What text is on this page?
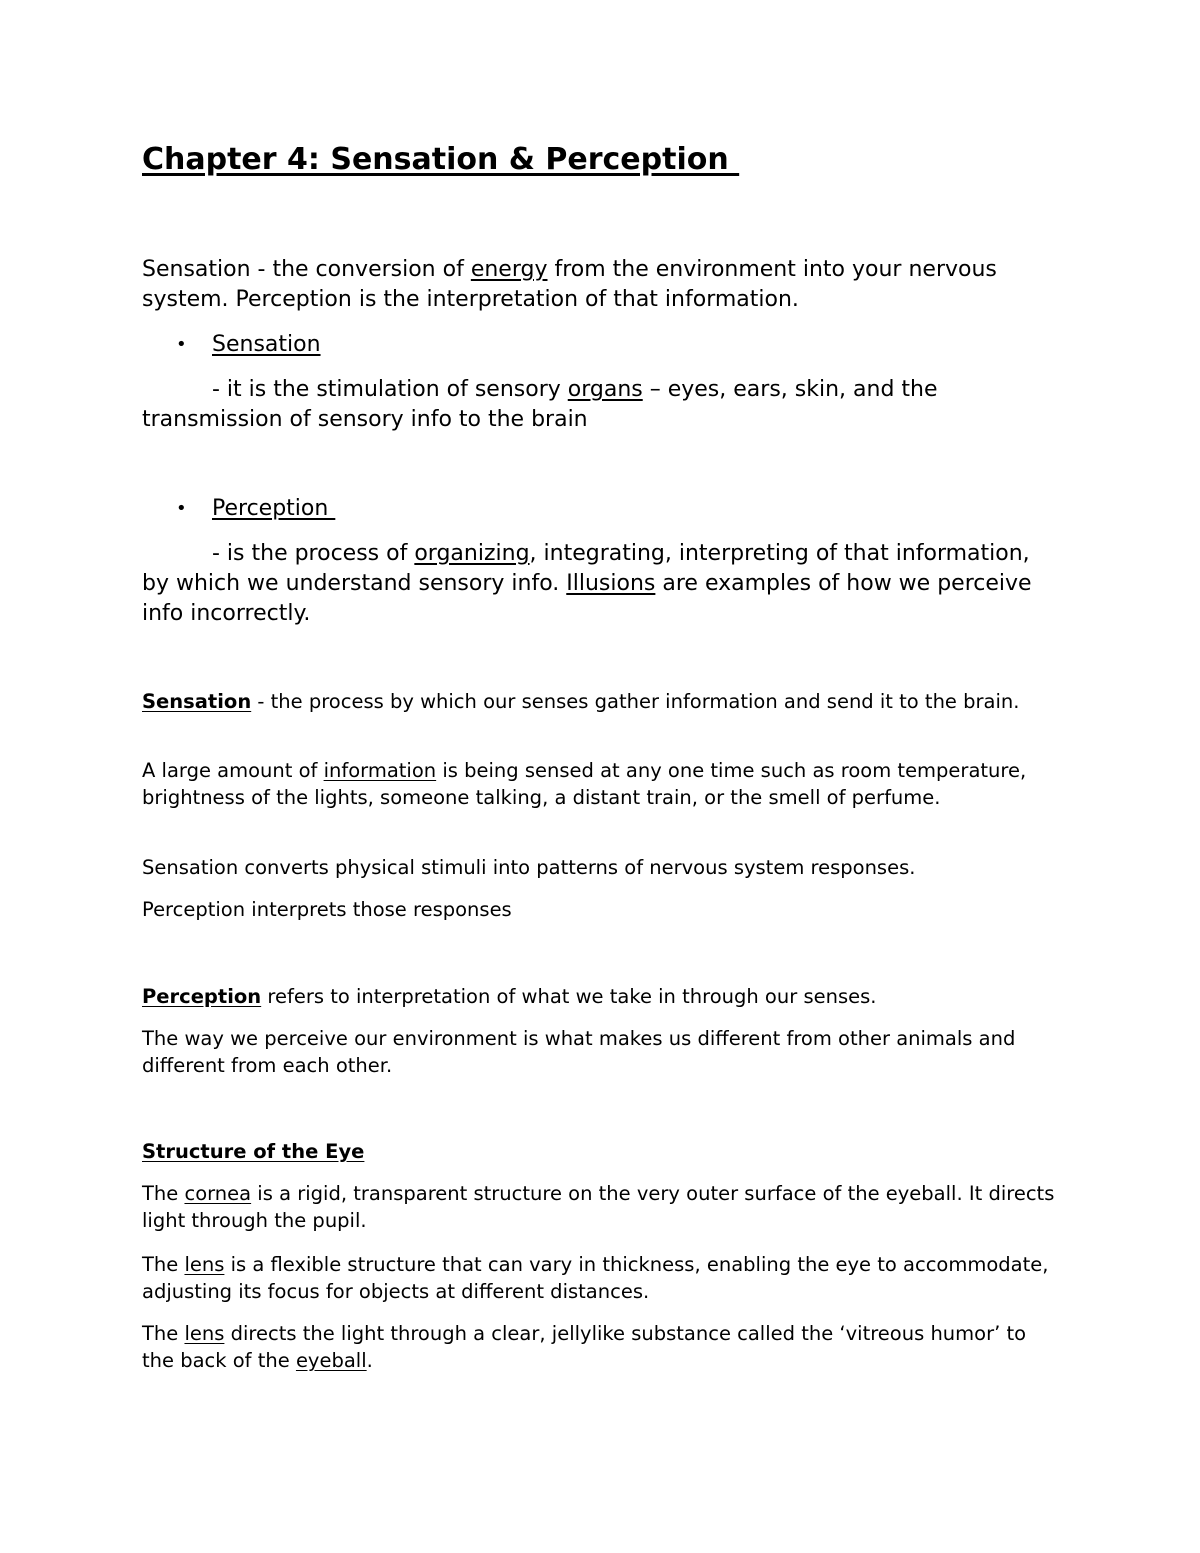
Chapter 4: Sensation & Perception

Sensation - the conversion of energy from the environment into your nervous system. Perception is the interpretation of that information.

•

Sensation

- it is the stimulation of sensory organs – eyes, ears, skin, and the transmission of sensory info to the brain

•

Perception

- is the process of organizing, integrating, interpreting of that information, by which we understand sensory info. Illusions are examples of how we perceive info incorrectly.

Sensation - the process by which our senses gather information and send it to the brain.

A large amount of information is being sensed at any one time such as room temperature, brightness of the lights, someone talking, a distant train, or the smell of perfume.

Sensation converts physical stimuli into patterns of nervous system responses.

Perception interprets those responses

Perception refers to interpretation of what we take in through our senses.

The way we perceive our environment is what makes us different from other animals and different from each other.

Structure of the Eye

The cornea is a rigid, transparent structure on the very outer surface of the eyeball. It directs light through the pupil.

The lens is a flexible structure that can vary in thickness, enabling the eye to accommodate, adjusting its focus for objects at different distances.

The lens directs the light through a clear, jellylike substance called the ‘vitreous humor’ to the back of the eyeball.
